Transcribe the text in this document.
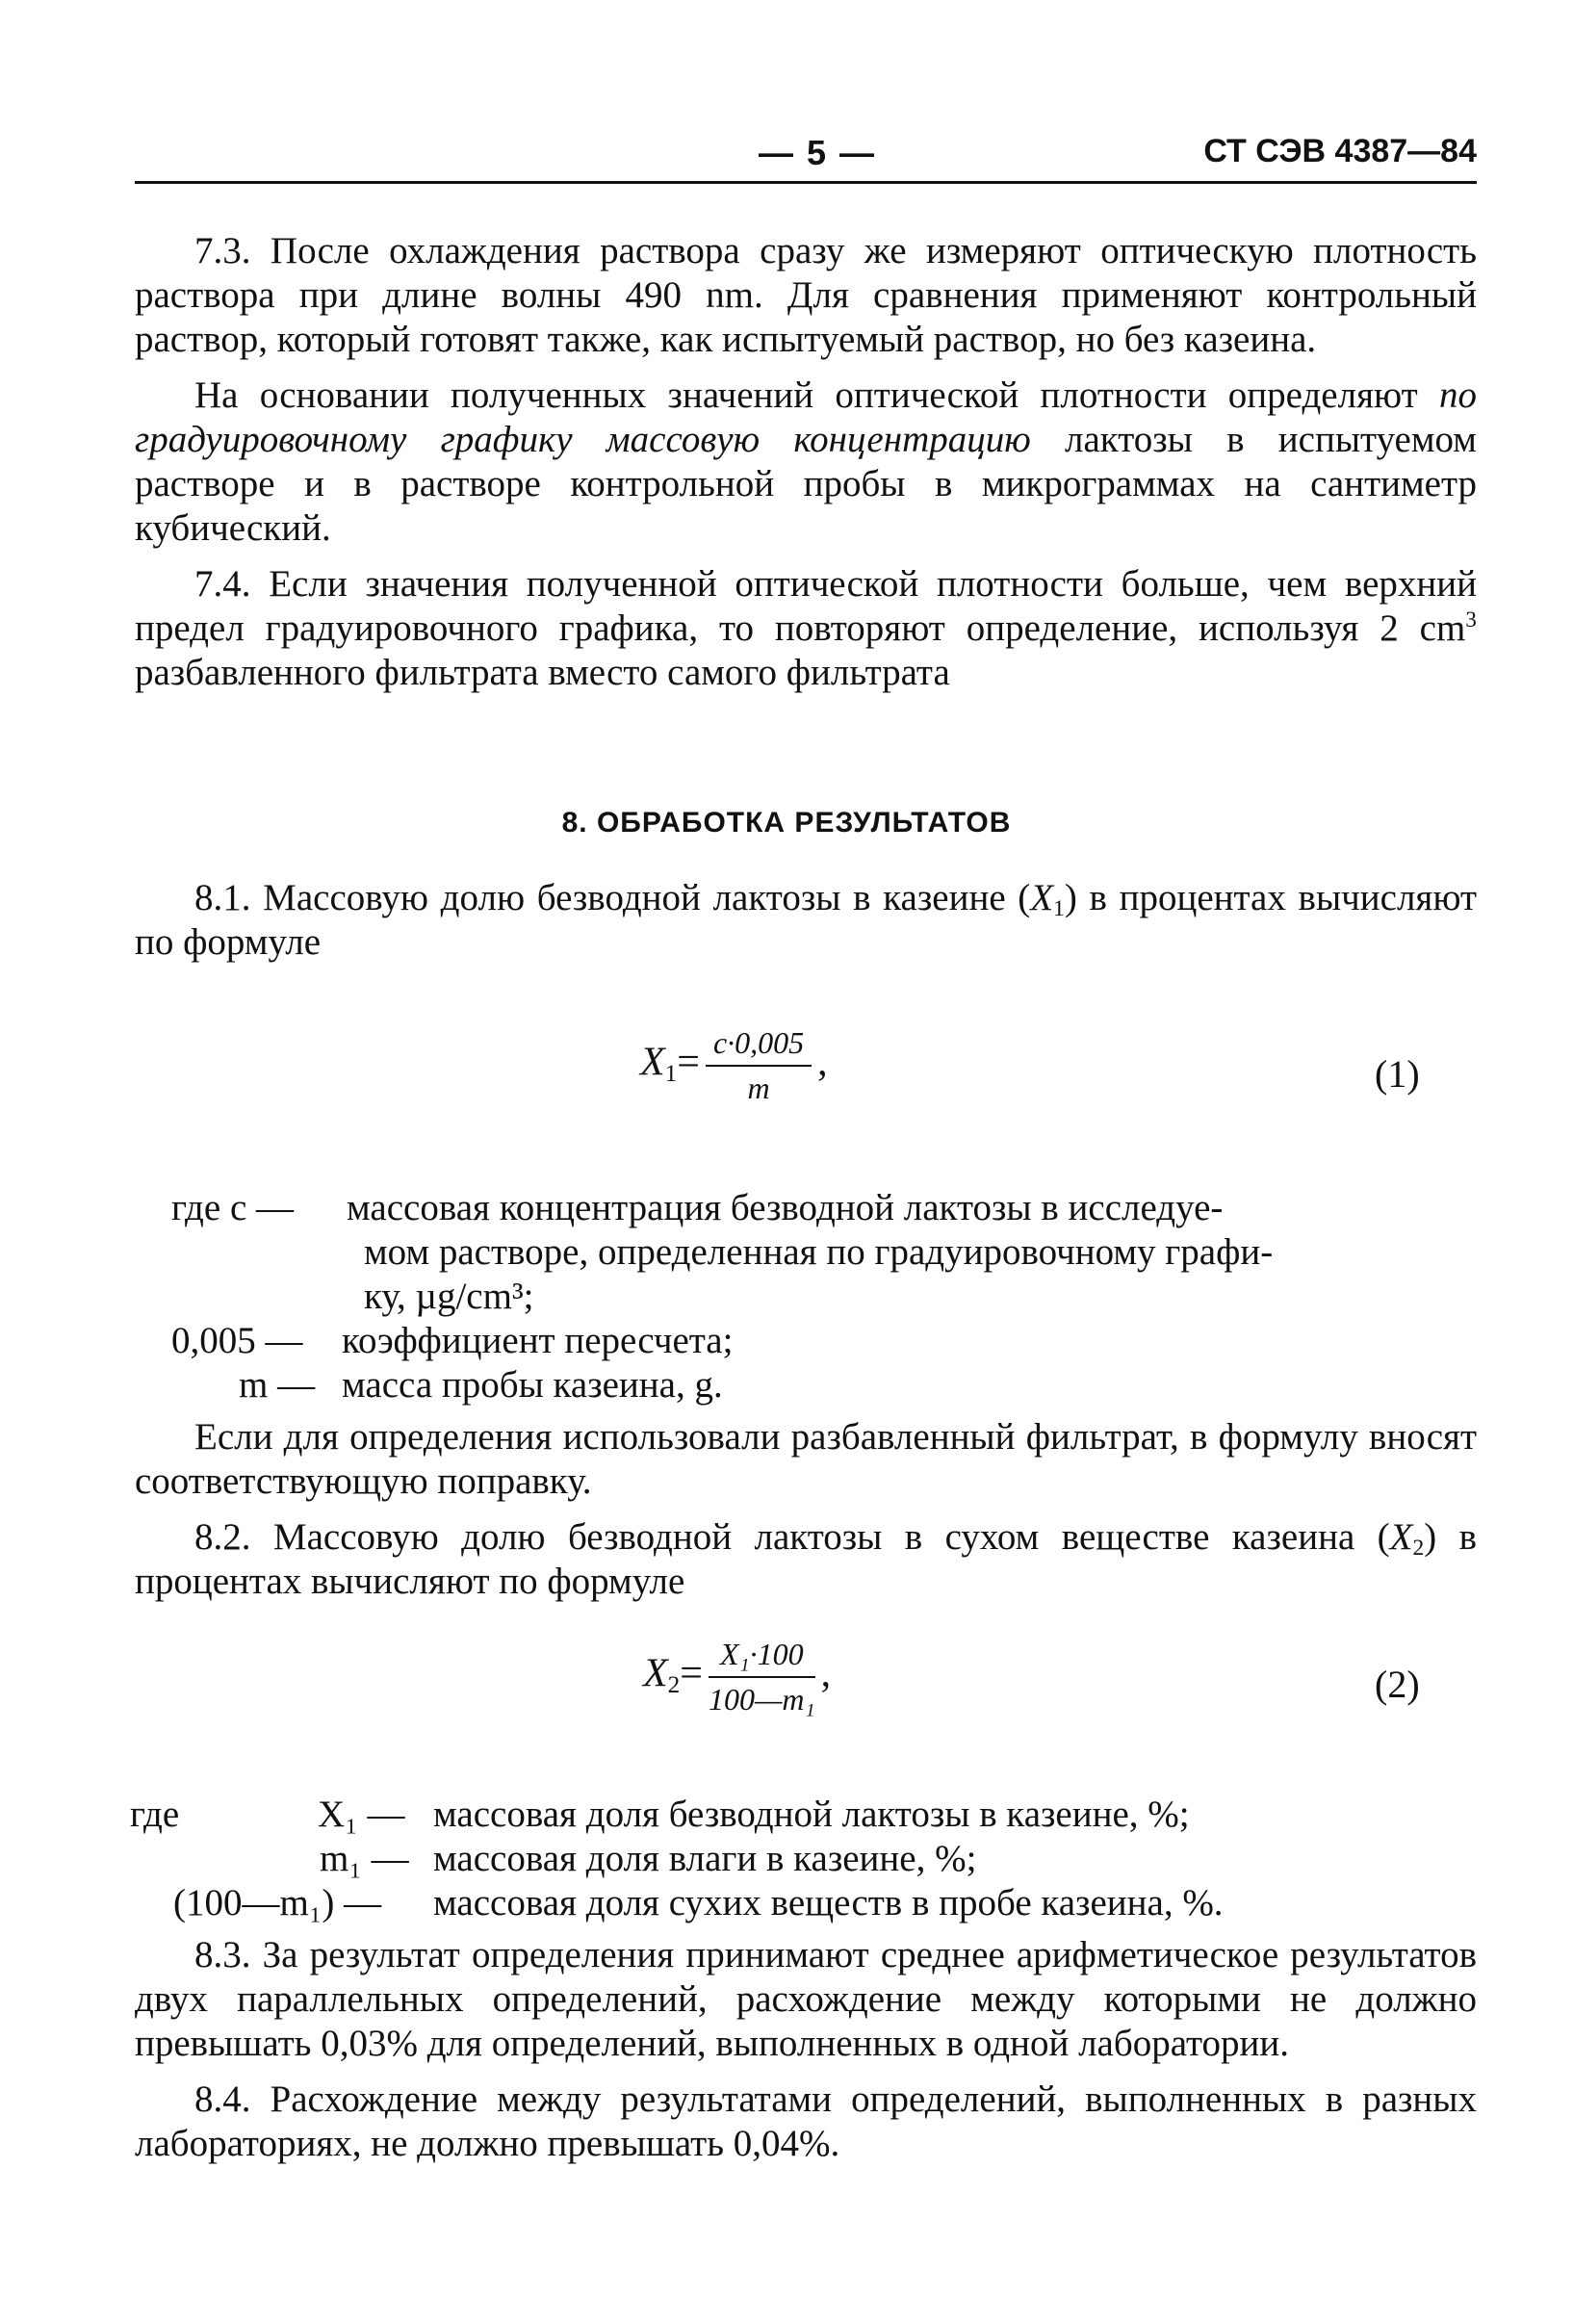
— 5 —	СТ СЭВ 4387—84

7.3. После охлаждения раствора сразу же измеряют оптическую плотность раствора при длине волны 490 nm. Для сравнения применяют контрольный раствор, который готовят также, как испытуемый раствор, но без казеина.

На основании полученных значений оптической плотности определяют по градуировочному графику массовую концентрацию лактозы в испытуемом растворе и в растворе контрольной пробы в микрограммах на сантиметр кубический.

7.4. Если значения полученной оптической плотности больше, чем верхний предел градуировочного графика, то повторяют определение, используя 2 $cm^3$ разбавленного фильтрата вместо самого фильтрата

8. ОБРАБОТКА РЕЗУЛЬТАТОВ

8.1. Массовую долю безводной лактозы в казеине $(X_1)$ в процентах вычисляют по формуле

$X_1= \frac{c\cdot 0,005}{m}$ ,	(1)
где c — массовая концентрация безводной лактозы в исследуе-
мом растворе, определенная по градуировочному графи-
ку, µg/cm³;
0,005 — коэффициент пересчета;
m — масса пробы казеина, g.

Если для определения использовали разбавленный фильтрат, в формулу вносят соответствующую поправку.

8.2. Массовую долю безводной лактозы в сухом веществе казеина $(X_2)$ в процентах вычисляют по формуле

$X_2= \frac{\text{X₁·100}}{\text{100—m₁}}$ ,	(2)
где	X₁ — массовая доля безводной лактозы в казеине, %;
m₁ — массовая доля влаги в казеине, %;
(100—m₁) — массовая доля сухих веществ в пробе казеина, %.

8.3. За результат определения принимают среднее арифметическое результатов двух параллельных определений, расхождение между которыми не должно превышать 0,03% для определений, выполненных в одной лаборатории.

8.4. Расхождение между результатами определений, выполненных в разных лабораториях, не должно превышать 0,04%.
